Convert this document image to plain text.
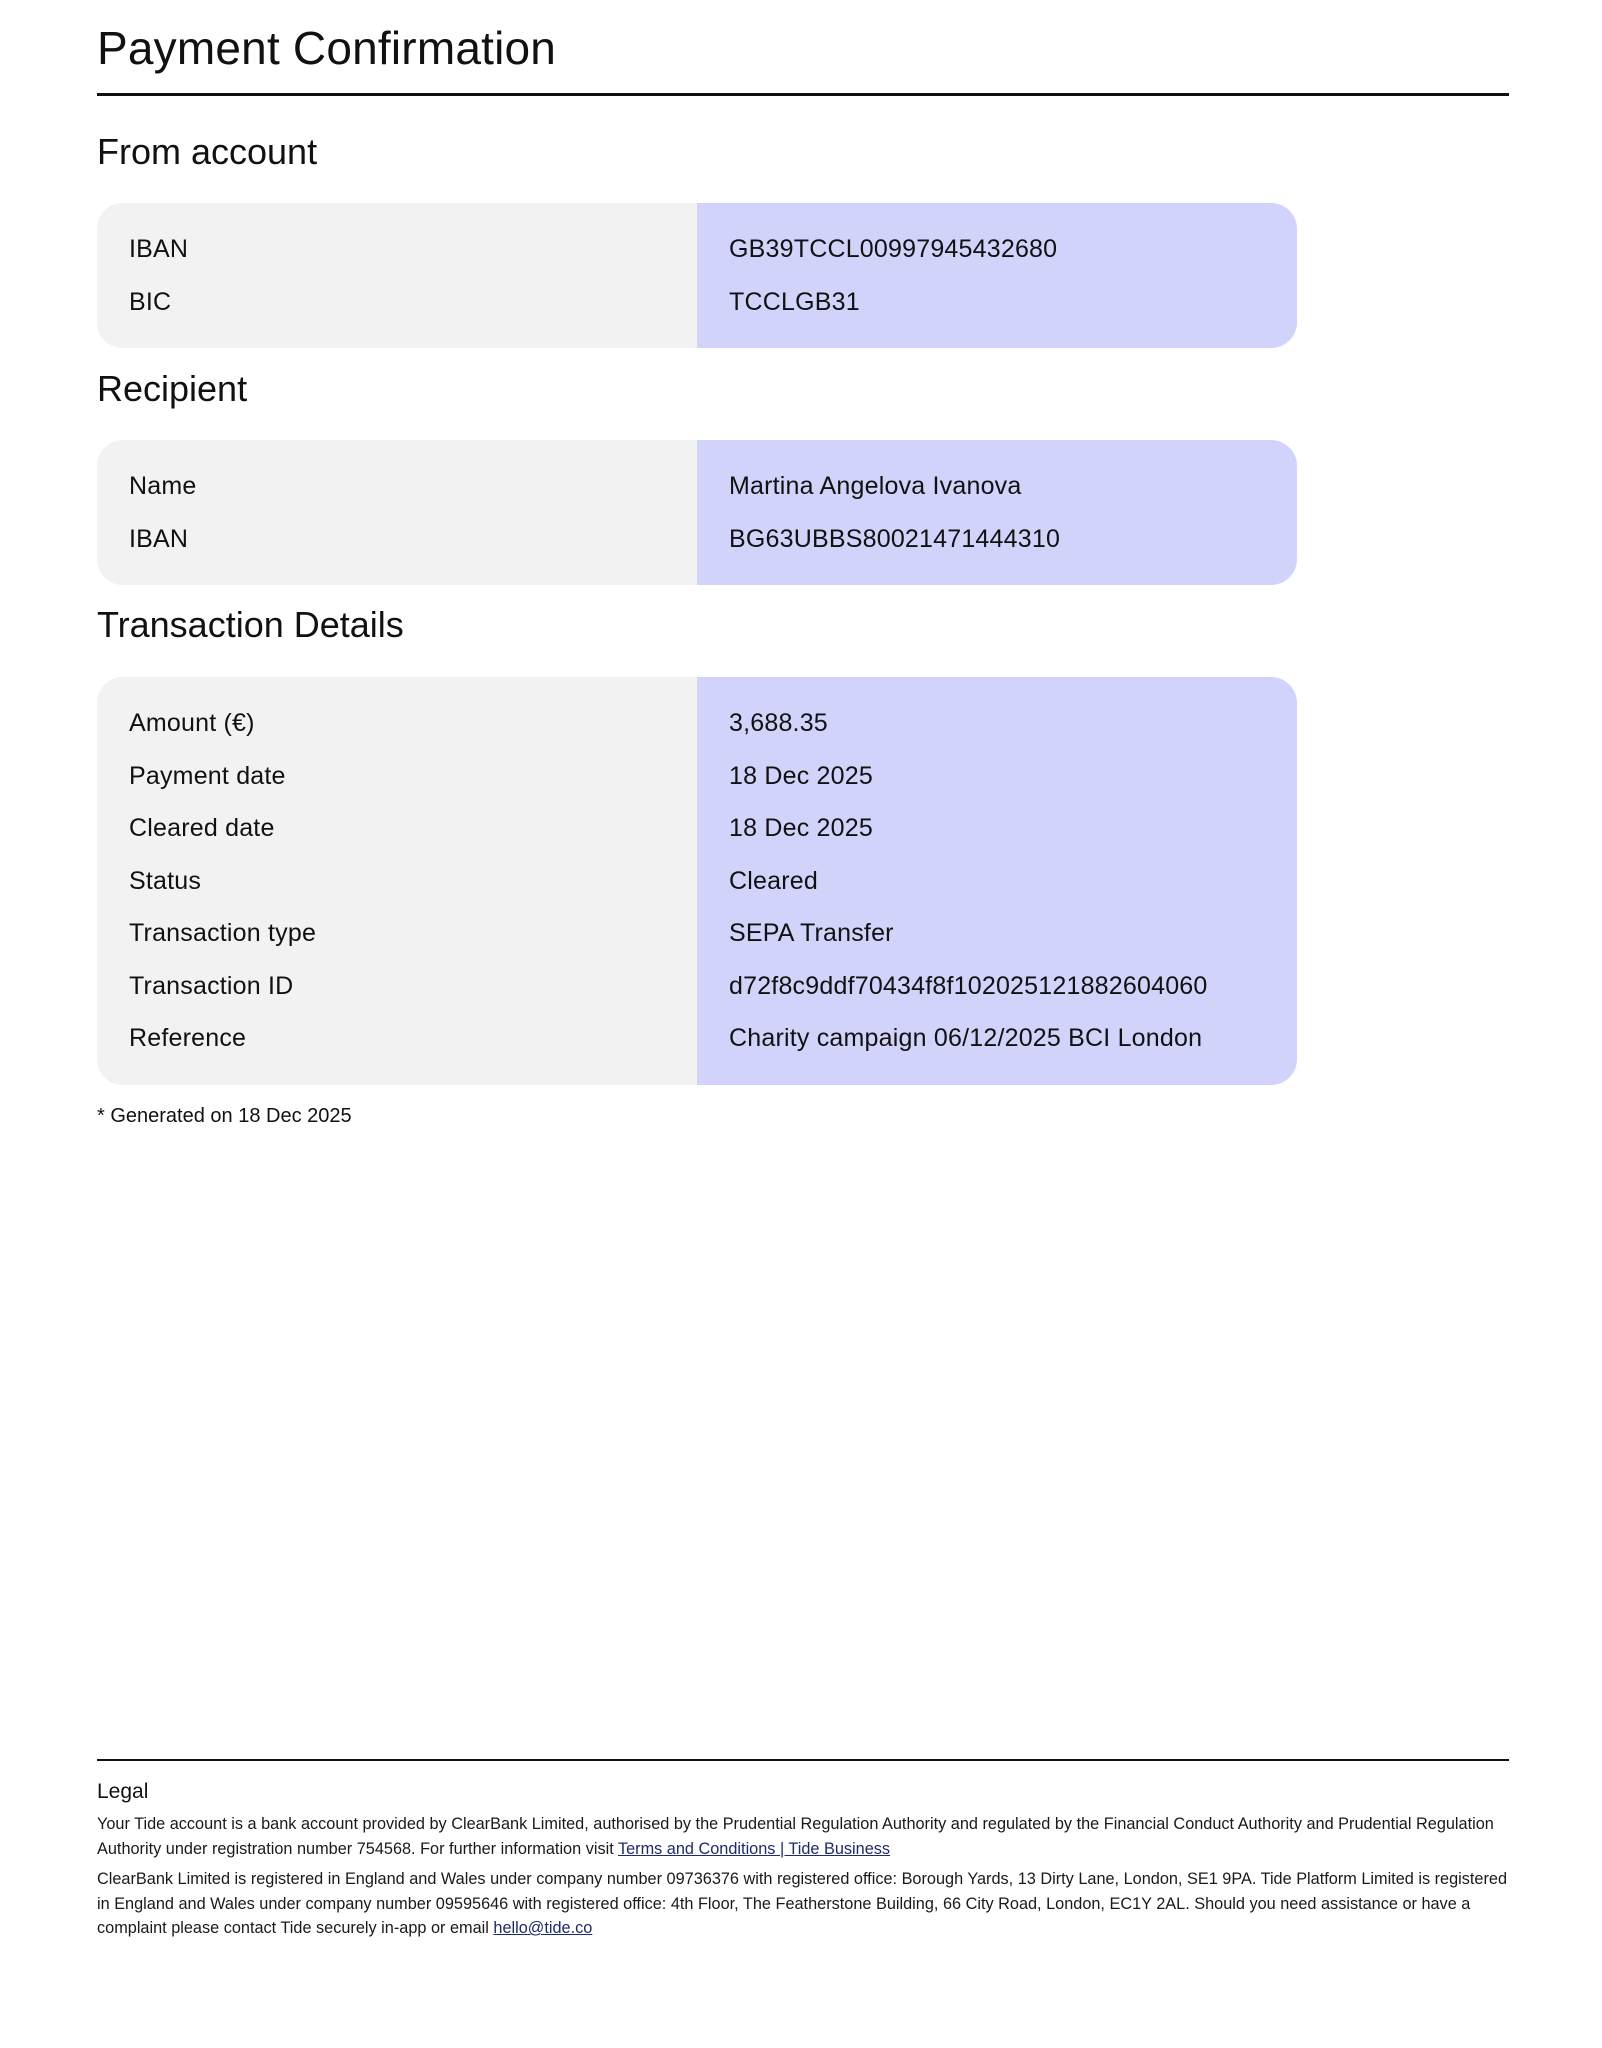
Payment Confirmation
From account
IBAN
BIC
GB39TCCL00997945432680
TCCLGB31
Recipient
Name
IBAN
Martina Angelova Ivanova
BG63UBBS80021471444310
Transaction Details
Amount (€)
Payment date
Cleared date
Status
Transaction type
Transaction ID
Reference
3,688.35
18 Dec 2025
18 Dec 2025
Cleared
SEPA Transfer
d72f8c9ddf70434f8f102025121882604060
Charity campaign 06/12/2025 BCI London
* Generated on 18 Dec 2025
Legal

Your Tide account is a bank account provided by ClearBank Limited, authorised by the Prudential Regulation Authority and regulated by the Financial Conduct Authority and Prudential Regulation Authority under registration number 754568. For further information visit Terms and Conditions | Tide Business

ClearBank Limited is registered in England and Wales under company number 09736376 with registered office: Borough Yards, 13 Dirty Lane, London, SE1 9PA. Tide Platform Limited is registered in England and Wales under company number 09595646 with registered office: 4th Floor, The Featherstone Building, 66 City Road, London, EC1Y 2AL. Should you need assistance or have a complaint please contact Tide securely in-app or email hello@tide.co
